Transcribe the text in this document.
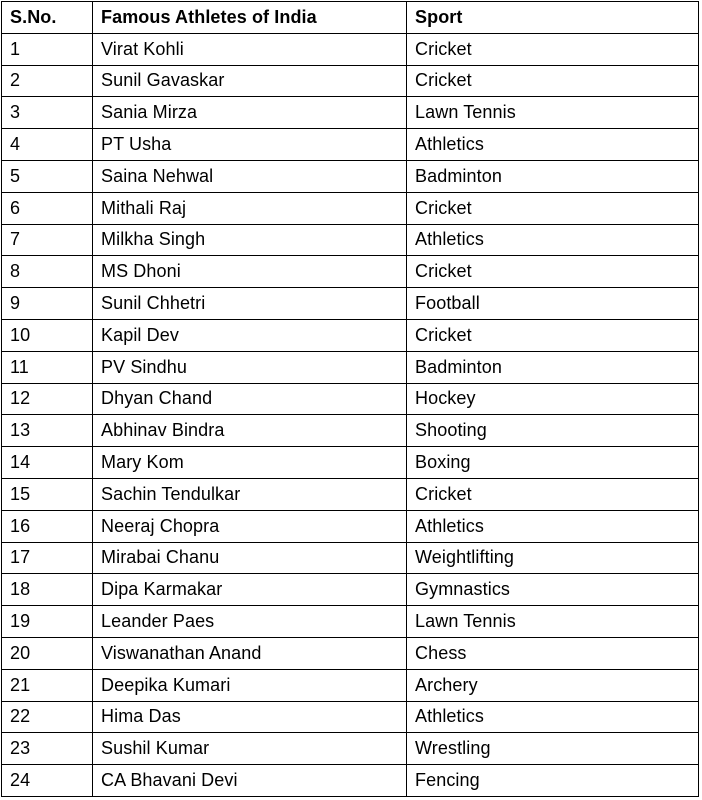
S.No.	Famous Athletes of India	Sport
1	Virat Kohli	Cricket
2	Sunil Gavaskar	Cricket
3	Sania Mirza	Lawn Tennis
4	PT Usha	Athletics
5	Saina Nehwal	Badminton
6	Mithali Raj	Cricket
7	Milkha Singh	Athletics
8	MS Dhoni	Cricket
9	Sunil Chhetri	Football
10	Kapil Dev	Cricket
11	PV Sindhu	Badminton
12	Dhyan Chand	Hockey
13	Abhinav Bindra	Shooting
14	Mary Kom	Boxing
15	Sachin Tendulkar	Cricket
16	Neeraj Chopra	Athletics
17	Mirabai Chanu	Weightlifting
18	Dipa Karmakar	Gymnastics
19	Leander Paes	Lawn Tennis
20	Viswanathan Anand	Chess
21	Deepika Kumari	Archery
22	Hima Das	Athletics
23	Sushil Kumar	Wrestling
24	CA Bhavani Devi	Fencing
